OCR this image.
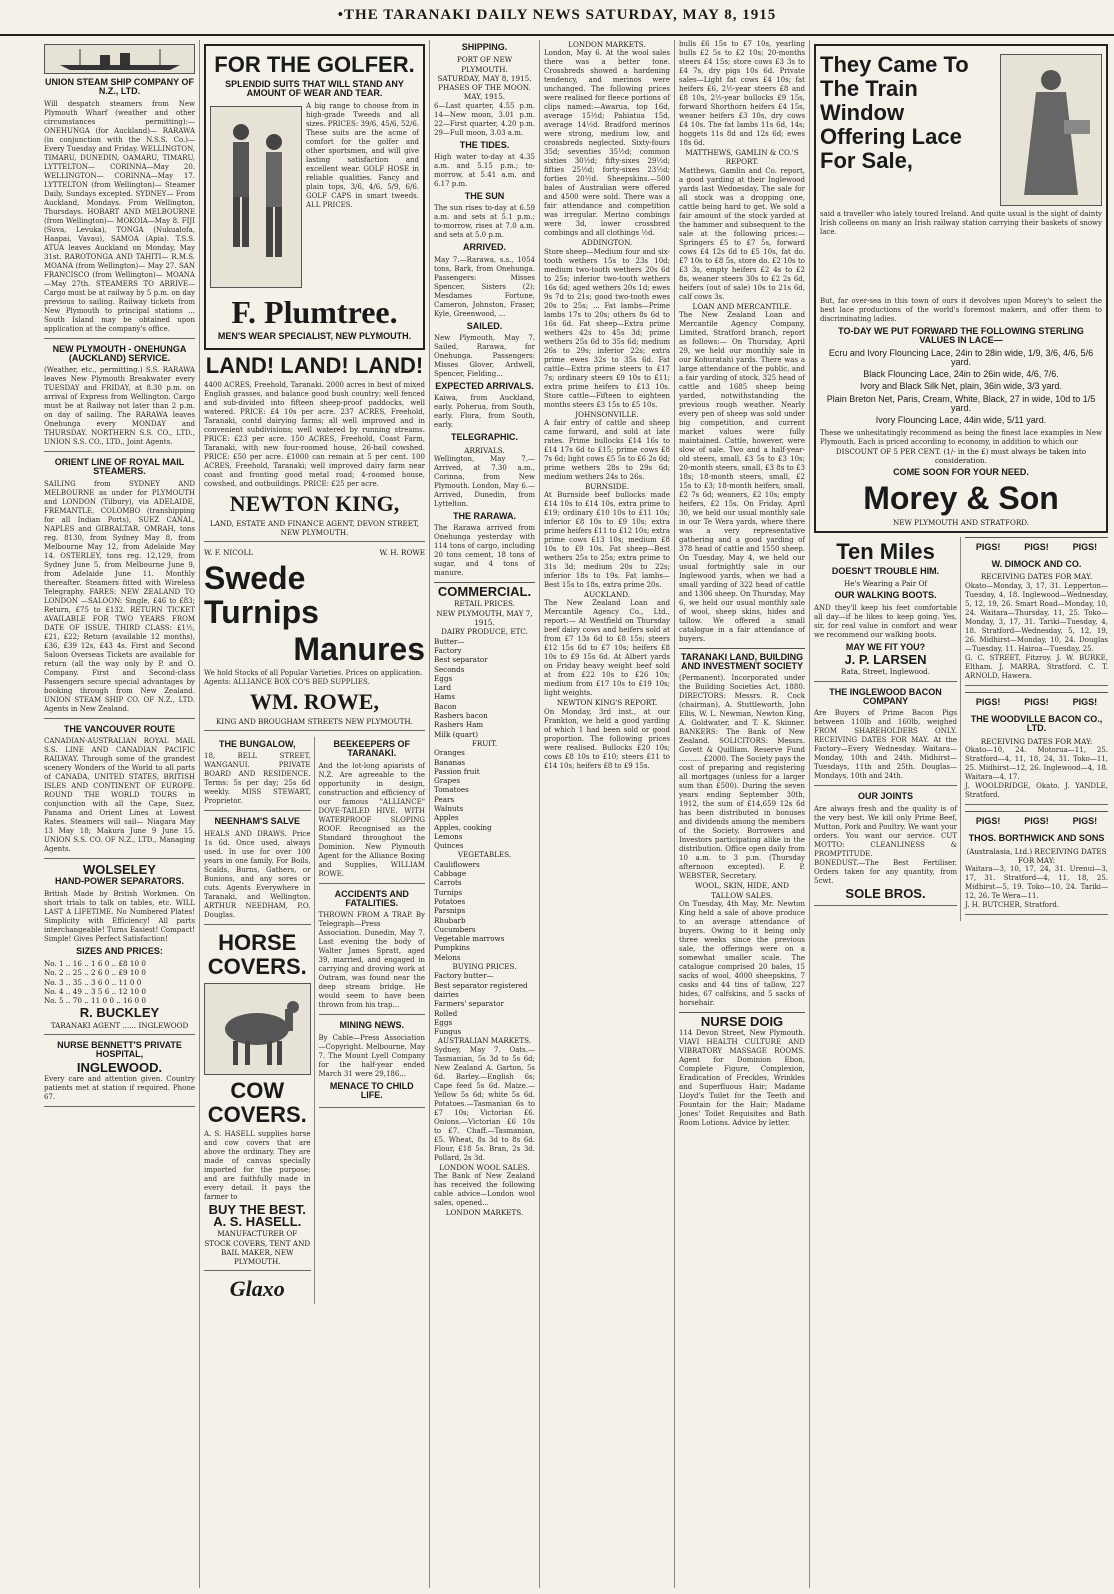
•THE TARANAKI DAILY NEWS SATURDAY, MAY 8, 1915
UNION STEAM SHIP COMPANY OF N.Z., LTD.
Will despatch steamers from New Plymouth Wharf (weather and other circumstances permitting):— ONEHUNGA (for Auckland)— RARAWA (in conjunction with the N.S.S. Co.)—Every Tuesday and Friday. WELLINGTON, TIMARU, DUNEDIN, OAMARU, TIMARU, LYTTELTON— CORINNA—May 20. WELLINGTON— CORINNA—May 17. LYTTELTON (from Wellington)— Steamer Daily, Sundays excepted. SYDNEY— From Auckland, Mondays. From Wellington, Thursdays. HOBART AND MELBOURNE (from Wellington)— MOKOIA—May 8. FIJI (Suva, Levuka), TONGA (Nukualofa, Haapai, Vavau), SAMOA (Apia). T.S.S. ATUA leaves Auckland on Monday, May 31st. RAROTONGA AND TAHITI— R.M.S. MOANA (from Wellington)— May 27. SAN FRANCISCO (from Wellington)— MOANA—May 27th. STEAMERS TO ARRIVE— Cargo must be at railway by 5 p.m. on day previous to sailing. Railway tickets from New Plymouth to principal stations ... South Island may be obtained upon application at the company's office.
NEW PLYMOUTH - ONEHUNGA (AUCKLAND) SERVICE.
(Weather, etc., permitting.) S.S. RARAWA leaves New Plymouth Breakwater every TUESDAY and FRIDAY, at 8.30 p.m. on arrival of Express from Wellington. Cargo must be at Railway not later than 2 p.m. on day of sailing. The RARAWA leaves Onehunga every MONDAY and THURSDAY. NORTHERN S.S. CO., LTD., UNION S.S. CO., LTD., Joint Agents.
ORIENT LINE OF ROYAL MAIL STEAMERS.
SAILING from SYDNEY AND MELBOURNE as under for PLYMOUTH and LONDON (Tilbury), via ADELAIDE, FREMANTLE, COLOMBO (transhipping for all Indian Ports), SUEZ CANAL, NAPLES and GIBRALTAR. OMRAH, tons reg. 8130, from Sydney May 8, from Melbourne May 12, from Adelaide May 14. OSTERLEY, tons reg. 12,129, from Sydney June 5, from Melbourne June 9, from Adelaide June 11. Monthly thereafter. Steamers fitted with Wireless Telegraphy. FARES: NEW ZEALAND TO LONDON —SALOON: Single, £46 to £83; Return, £75 to £132. RETURN TICKET AVAILABLE FOR TWO YEARS FROM DATE OF ISSUE. THIRD CLASS: £1½, £21, £22; Return (available 12 months), £36, £39 12s, £43 4s. First and Second Saloon Overseas Tickets are available for return (all the way only by P. and O. Company. First and Second-class Passengers secure special advantages by booking through from New Zealand. UNION STEAM SHIP CO. OF N.Z., LTD. Agents in New Zealand.
THE VANCOUVER ROUTE
CANADIAN-AUSTRALIAN ROYAL MAIL S.S. LINE AND CANADIAN PACIFIC RAILWAY. Through some of the grandest scenery Wonders of the World to all parts of CANADA, UNITED STATES, BRITISH ISLES AND CONTINENT OF EUROPE. ROUND THE WORLD TOURS in conjunction with all the Cape, Suez, Panama and Orient Lines at Lowest Rates. Steamers will sail— Niagara May 13 May 18; Makura June 9 June 15. UNION S.S. CO. OF N.Z., LTD., Managing Agents.
WOLSELEY
HAND-POWER SEPARATORS.
British Made by British Workmen. On short trials to talk on tables, etc. WILL LAST A LIFETIME. No Numbered Plates! Simplicity with Efficiency! All parts interchangeable! Turns Easiest! Compact! Simple! Gives Perfect Satisfaction!
SIZES AND PRICES:
No. 1 .. 16 .. 1 6 0 .. £8 10 0
No. 2 .. 25 .. 2 6 0 .. £9 10 0
No. 3 .. 35 .. 3 6 0 .. 11 0 0
No. 4 .. 49 .. 3 5 6 .. 12 10 0
No. 5 .. 70 .. 11 0 0 .. 16 0 0
R. BUCKLEY
TARANAKI AGENT ...... INGLEWOOD
NURSE BENNETT'S PRIVATE HOSPITAL,
INGLEWOOD.
Every care and attention given. Country patients met at station if required. Phone 67.
FOR THE GOLFER.
SPLENDID SUITS THAT WILL STAND ANY AMOUNT OF WEAR AND TEAR.
A big range to choose from in high-grade Tweeds and all sizes. PRICES: 39/6, 45/6, 52/6. These suits are the acme of comfort for the golfer and other sportsmen, and will give lasting satisfaction and excellent wear. GOLF HOSE in reliable qualities. Fancy and plain tops, 3/6, 4/6, 5/9, 6/6. GOLF CAPS in smart tweeds. ALL PRICES.
F. Plumtree.
MEN'S WEAR SPECIALIST, NEW PLYMOUTH.
LAND! LAND! LAND!
4400 ACRES, Freehold, Taranaki. 2000 acres in best of mixed English grasses, and balance good bush country; well fenced and sub-divided into fifteen sheep-proof paddocks, well watered. PRICE: £4 10s per acre. 237 ACRES, Freehold, Taranaki, contd dairying farms; all well improved and in convenient subdivisions; well watered by running streams. PRICE: £23 per acre. 150 ACRES, Freehold, Coast Farm, Taranaki, with new four-roomed house, 26-bail cowshed. PRICE: £50 per acre. £1000 can remain at 5 per cent. 100 ACRES, Freehold, Taranaki; well improved dairy farm near coast and fronting good metal road; 4-roomed house, cowshed, and outbuildings. PRICE: £25 per acre.
NEWTON KING,
LAND, ESTATE AND FINANCE AGENT, DEVON STREET, NEW PLYMOUTH.
W. F. NICOLL	W. H. ROWE
Swede Turnips
Manures
We hold Stocks of all Popular Varieties. Prices on application.
Agents: ALLIANCE BOX CO'S BED SUPPLIES.
WM. ROWE,
KING AND BROUGHAM STREETS NEW PLYMOUTH.
THE BUNGALOW,
18, BELL STREET, WANGANUI. PRIVATE BOARD AND RESIDENCE. Terms: 5s per day; 25s 6d weekly. MISS STEWART, Proprietor.
NEENHAM'S SALVE
HEALS AND DRAWS. Price 1s 6d. Once used, always used. In use for over 100 years in one family. For Boils, Scalds, Burns, Gathers, or Bunions, and any sores or cuts. Agents Everywhere in Taranaki, and Wellington. ARTHUR NEEDHAM, P.O. Douglas.
HORSE COVERS.
COW COVERS.
A. S. HASELL supplies horse and cow covers that are above the ordinary. They are made of canvas specially imported for the purpose; and are faithfully made in every detail. It pays the farmer to
BUY THE BEST.
A. S. HASELL.
MANUFACTURER OF STOCK COVERS, TENT AND BAIL MAKER, NEW PLYMOUTH.
Glaxo
BEEKEEPERS OF TARANAKI.
And the lot-long apiarists of N.Z. Are agreeable to the opportunity in design, construction and efficiency of our famous "ALLIANCE" DOVE-TAILED HIVE. WITH WATERPROOF SLOPING ROOF. Recognised as the Standard throughout the Dominion. New Plymouth Agent for the Alliance Boxing and Supplies, WILLIAM ROWE.
ACCIDENTS AND FATALITIES.
THROWN FROM A TRAP. By Telegraph—Press Association. Dunedin, May 7. Last evening the body of Walter James Spratt, aged 39, married, and engaged in carrying and droving work at Outram, was found near the deep stream bridge. He would seem to have been thrown from his trap...
MINING NEWS.
By Cable—Press Association—Copyright. Melbourne, May 7. The Mount Lyell Company for the half-year ended March 31 were 29,186...
MENACE TO CHILD LIFE.
SHIPPING.
PORT OF NEW PLYMOUTH.
SATURDAY, MAY 8, 1915.
PHASES OF THE MOON. MAY, 1915.
6—Last quarter, 4.55 p.m. 14—New moon, 3.01 p.m. 22—First quarter, 4.20 p.m. 29—Full moon, 3.03 a.m.
THE TIDES.
High water to-day at 4.35 a.m. and 5.15 p.m.; to-morrow, at 5.41 a.m. and 6.17 p.m.
THE SUN
The sun rises to-day at 6.59 a.m. and sets at 5.1 p.m.; to-morrow, rises at 7.0 a.m. and sets at 5.0 p.m.
ARRIVED.
May 7.—Rarawa, s.s., 1054 tons, Bark, from Onehunga. Passengers: Misses Spencer, Sisters (2); Mesdames Fortune, Cameron, Johnston, Fraser, Kyle, Greenwood, ...
SAILED.
New Plymouth, May 7. Sailed, Rarawa, for Onehunga. Passengers: Misses Glover, Ardwell, Spencer, Fielding...
EXPECTED ARRIVALS.
Kaiwa, from Auckland, early. Poherua, from South, early. Flora, from South, early.
TELEGRAPHIC.
ARRIVALS.
Wellington, May 7.—Arrived, at 7.30 a.m., Corinna, from New Plymouth. London, May 6.—Arrived, Dunedin, from Lyttelton.
THE RARAWA.
The Rarawa arrived from Onehunga yesterday with 114 tons of cargo, including 20 tons cement, 18 tons of sugar, and 4 tons of manure.
COMMERCIAL.
RETAIL PRICES.
NEW PLYMOUTH, MAY 7, 1915.
DAIRY PRODUCE, ETC.
Butter—
Factory
Best separator
Seconds
Eggs
Lard
Hams
Bacon
Rashers bacon
Rashers Ham
Milk (quart)
FRUIT.
Oranges
Bananas
Passion fruit
Grapes
Tomatoes
Pears
Walnuts
Apples
Apples, cooking
Lemons
Quinces
VEGETABLES.
Cauliflowers
Cabbage
Carrots
Turnips
Potatoes
Parsnips
Rhubarb
Cucumbers
Vegetable marrows
Pumpkins
Melons
BUYING PRICES.
Factory butter—
Best separator registered dairies
Farmers' separator
Rolled
Eggs
Fungus
AUSTRALIAN MARKETS.
Sydney, May 7. Oats.—Tasmanian, 5s 3d to 5s 6d; New Zealand A. Garton, 5s 6d. Barley.—English 6s; Cape feed 5s 6d. Maize.—Yellow 5s 6d; white 5s 6d. Potatoes.—Tasmanian 6s to £7 10s; Victorian £6. Onions.—Victorian £6 10s to £7. Chaff.—Tasmanian, £5. Wheat, 8s 3d to 8s 6d. Flour, £18 5s. Bran, 2s 3d. Pollard, 2s 3d.
LONDON WOOL SALES.
The Bank of New Zealand has received the following cable advice—London wool sales, opened...
LONDON MARKETS.
LONDON MARKETS.
London, May 6. At the wool sales there was a better tone. Crossbreds showed a hardening tendency, and merinos were unchanged. The following prices were realised for fleece portions of clips named:—Awarua, top 16d, average 15½d; Pahiatua 15d, average 14½d. Bradford merinos were strong, medium low, and crossbreds neglected. Sixty-fours 35d; seventies 35½d; common sixties 30½d; fifty-sixes 29½d; fifties 25½d; forty-sixes 23½d; forties 20½d. Sheepskins.—500 bales of Australian were offered and 4500 were sold. There was a fair attendance and competition was irregular. Merino combings were 3d, lower crossbred combings and all clothings ½d.
ADDINGTON.
Store sheep—Medium four and six-tooth wethers 15s to 23s 10d; medium two-tooth wethers 20s 6d to 25s; inferior two-tooth wethers 16s 6d; aged wethers 20s 1d; ewes 9s 7d to 21s; good two-tooth ewes 20s to 25s; ... Fat lambs—Prime lambs 17s to 20s; others 8s 6d to 16s 6d. Fat sheep—Extra prime wethers 42s to 45s 3d; prime wethers 25s 6d to 35s 6d; medium 26s to 29s; inferior 22s; extra prime ewes 32s to 35s 6d. Fat cattle—Extra prime steers to £17 7s; ordinary steers £9 10s to £11; extra prime heifers to £13 10s. Store cattle—Fifteen to eighteen months steers £3 15s to £5 10s.
JOHNSONVILLE.
A fair entry of cattle and sheep came forward, and sold at late rates. Prime bullocks £14 16s to £14 17s 6d to £15; prime cows £8 7s 6d; light cows £5 5s to £6 2s 6d; prime wethers 28s to 29s 6d; medium wethers 24s to 26s.
BURNSIDE.
At Burnside beef bullocks made £14 10s to £14 10s, extra prime to £19; ordinary £10 10s to £11 10s; inferior £8 10s to £9 10s; extra prime heifers £11 to £12 10s; extra prime cows £13 10s; medium £8 10s to £9 10s. Fat sheep—Best wethers 25s to 25s; extra prime to 31s 3d; medium 20s to 22s; inferior 18s to 19s. Fat lambs—Best 15s to 18s, extra prime 20s.
AUCKLAND.
The New Zealand Loan and Mercantile Agency Co., Ltd., report:— At Westfield on Thursday beef dairy cows and heifers sold at from £7 13s 6d to £8 15s; steers £12 15s 6d to £7 10s; heifers £8 10s to £9 15s 6d. At Albert yards on Friday heavy weight beef sold at from £22 10s to £26 10s; medium from £17 10s to £19 10s; light weights.
NEWTON KING'S REPORT.
On Monday, 3rd inst., at our Frankton, we held a good yarding of which 1 had been sold or good proportion. The following prices were realised. Bullocks £20 10s; cows £8 10s to £10; steers £11 to £14 10s; heifers £8 to £9 15s.
bulls £6 15s to £7 10s, yearling bulls £2 5s to £2 10s; 20-months steers £4 15s; store cows £3 3s to £4 7s, dry pigs 10s 6d. Private sales—Light fat cows £4 10s; fat heifers £6, 2½-year steers £8 and £8 10s, 2½-year bullocks £9 15s, forward Shorthorn heifers £4 15s, weaner heifers £3 10s, dry cows £4 10s. The fat lambs 11s 6d, 14s; hoggets 11s 8d and 12s 6d; ewes 18s 6d.
MATTHEWS, GAMLIN & CO.'S REPORT.
Matthews, Gamlin and Co. report, a good yarding at their Inglewood yards last Wednesday. The sale for all stock was a dropping one, cattle being hard to get. We sold a fair amount of the stock yarded at the hammer and subsequent to the sale at the following prices:—Springers £5 to £7 5s, forward cows £4 12s 6d to £5 10s, fat do. £7 10s to £8 5s, store do. £2 10s to £3 3s, empty heifers £2 4s to £2 8s, weaner steers 30s to £2 2s 6d, heifers (out of sale) 10s to 21s 6d, calf cows 3s.
LOAN AND MERCANTILE.
The New Zealand Loan and Mercantile Agency Company, Limited, Stratford branch, report as follows:— On Thursday, April 29, we held our monthly sale in our Kohuratahi yards. There was a large attendance of the public, and a fair yarding of stock, 325 head of cattle and 1685 sheep being yarded, notwithstanding the previous rough weather. Nearly every pen of sheep was sold under big competition, and current market values were fully maintained. Cattle, however, were slow of sale. Two and a half-year-old steers, small, £3 5s to £3 10s; 20-month steers, small, £3 8s to £3 18s; 18-month steers, small, £2 15s to £3; 18-month heifers, small, £2 7s 6d; weaners, £2 10s; empty heifers, £2 15s. On Friday, April 30, we held our usual monthly sale in our Te Wera yards, where there was a very representative gathering and a good yarding of 378 head of cattle and 1550 sheep. On Tuesday, May 4, we held our usual fortnightly sale in our Inglewood yards, when we had a small yarding of 322 head of cattle and 1306 sheep. On Thursday, May 6, we held our usual monthly sale of wool, sheep skins, hides and tallow. We offered a small catalogue in a fair attendance of buyers.
TARANAKI LAND, BUILDING AND INVESTMENT SOCIETY
(Permanent). Incorporated under the Building Societies Act, 1880. DIRECTORS: Messrs. R. Cock (chairman), A. Stuttleworth, John Ellis, W. L. Newman, Newton King, A. Goldwater, and T. K. Skinner. BANKERS: The Bank of New Zealand. SOLICITORS: Messrs. Govett & Quilliam. Reserve Fund .......... £2000. The Society pays the cost of preparing and registering all mortgages (unless for a larger sum than £500). During the seven years ending September 30th, 1912, the sum of £14,659 12s 6d has been distributed in bonuses and dividends among the members of the Society. Borrowers and Investors participating alike in the distribution. Office open daily from 10 a.m. to 3 p.m. (Thursday afternoon excepted). F. P. WEBSTER, Secretary.
WOOL, SKIN, HIDE, AND TALLOW SALES.
On Tuesday, 4th May, Mr. Newton King held a sale of above produce to an average attendance of buyers. Owing to it being only three weeks since the previous sale, the offerings were on a somewhat smaller scale. The catalogue comprised 20 bales, 15 sacks of wool, 4000 sheepskins, 7 casks and 44 tins of tallow, 227 hides, 67 calfskins, and 5 sacks of horsehair.
NURSE DOIG
114 Devon Street, New Plymouth. VIAVI HEALTH CULTURE AND VIBRATORY MASSAGE ROOMS. Agent for Dominion Ebon, Complete Figure, Complexion, Eradication of Freckles, Wrinkles and Superfluous Hair; Madame Lloyd's Toilet for the Teeth and Fountain for the Hair; Madame Jones' Toilet Requisites and Bath Room Lotions. Advice by letter.
They Came To The Train Window Offering Lace For Sale,
said a traveller who lately toured Ireland. And quite usual is the sight of dainty Irish colleens on many an Irish railway station carrying their baskets of snowy lace.
But, far over-sea in this town of ours it devolves upon Morey's to select the best lace productions of the world's foremost makers, and offer them to discriminating ladies.
TO-DAY WE PUT FORWARD THE FOLLOWING STERLING VALUES IN LACE—
Ecru and Ivory Flouncing Lace, 24in to 28in wide, 1/9, 3/6, 4/6, 5/6 yard.
Black Flouncing Lace, 24in to 26in wide, 4/6, 7/6.
Ivory and Black Silk Net, plain, 36in wide, 3/3 yard.
Plain Breton Net, Paris, Cream, White, Black, 27 in wide, 10d to 1/5 yard.
Ivory Flouncing Lace, 44in wide, 5/11 yard.
These we unhesitatingly recommend as being the finest lace examples in New Plymouth. Each is priced according to economy, in addition to which our
DISCOUNT OF 5 PER CENT. (1/- in the £) must always be taken into consideration.
COME SOON FOR YOUR NEED.
Morey & Son
NEW PLYMOUTH AND STRATFORD.
Ten Miles
DOESN'T TROUBLE HIM.
He's Wearing a Pair Of
OUR WALKING BOOTS.
AND they'll keep his feet comfortable all day—if he likes to keep going. Yes, sir, for real value in comfort and wear we recommend our walking boots.
MAY WE FIT YOU?
J. P. LARSEN
Rata, Street, Inglewood.
THE INGLEWOOD BACON COMPANY
Are Buyers of Prime Bacon Pigs between 110lb and 160lb, weighed FROM SHAREHOLDERS ONLY. RECEIVING DATES FOR MAY. At the Factory—Every Wednesday. Waitara—Monday, 10th and 24th. Midhirst—Tuesdays, 11th and 25th. Douglas—Mondays, 10th and 24th.
OUR JOINTS
Are always fresh and the quality is of the very best. We kill only Prime Beef, Mutton, Pork and Poultry. We want your orders. You want our service. CUT MOTTO: CLEANLINESS & PROMPTITUDE.
BONEDUST.—The Best Fertiliser. Orders taken for any quantity, from 5cwt.
SOLE BROS.
PIGS!	PIGS!	PIGS!
W. DIMOCK AND CO.
RECEIVING DATES FOR MAY.
Okato—Monday, 3, 17, 31. Lepperton—Tuesday, 4, 18. Inglewood—Wednesday, 5, 12, 19, 26. Smart Road—Monday, 10, 24. Waitara—Thursday, 11, 25. Toko—Monday, 3, 17, 31. Tariki—Tuesday, 4, 18. Stratford—Wednesday, 5, 12, 19, 26. Midhirst—Monday, 10, 24. Douglas—Tuesday, 11. Hairoa—Tuesday, 25.
G. C. STREET, Fitzroy. J. W. BURKE, Eltham. J. MARRA, Stratford. C. T. ARNOLD, Hawera.
PIGS!	PIGS!	PIGS!
THE WOODVILLE BACON CO., LTD.
RECEIVING DATES FOR MAY:
Okato—10, 24. Motorua—11, 25. Stratford—4, 11, 18, 24, 31. Toko—11, 25. Midhirst—12, 26. Inglewood—4, 18. Waitara—4, 17.
J. WOOLDRIDGE, Okato. J. YANDLE, Stratford.
PIGS!	PIGS!	PIGS!
THOS. BORTHWICK AND SONS
(Australasia, Ltd.) RECEIVING DATES FOR MAY:
Waitara—3, 10, 17, 24, 31. Urenui—3, 17, 31. Stratford—4, 11, 18, 25. Midhirst—5, 19. Toko—10, 24. Tariki—12, 26. Te Wera—11.
J. H. BUTCHER, Stratford.
